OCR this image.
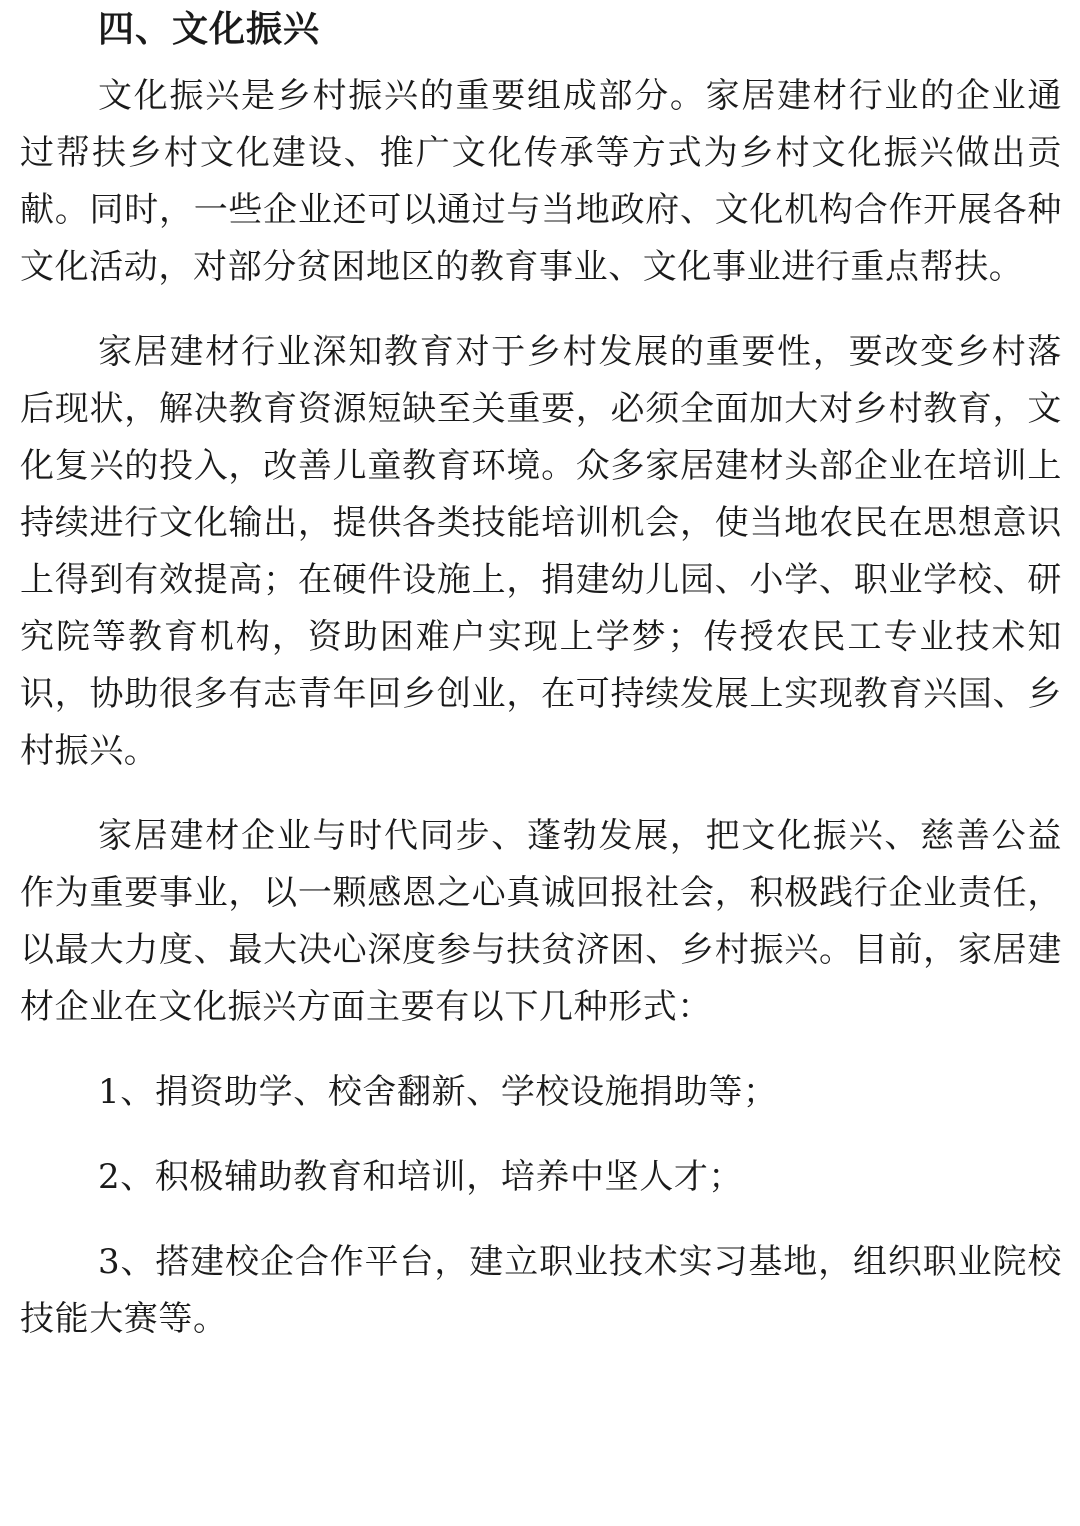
四、文化振兴

文化振兴是乡村振兴的重要组成部分。家居建材行业的企业通过帮扶乡村文化建设、推广文化传承等方式为乡村文化振兴做出贡献。同时，一些企业还可以通过与当地政府、文化机构合作开展各种文化活动，对部分贫困地区的教育事业、文化事业进行重点帮扶。

家居建材行业深知教育对于乡村发展的重要性，要改变乡村落后现状，解决教育资源短缺至关重要，必须全面加大对乡村教育，文化复兴的投入，改善儿童教育环境。众多家居建材头部企业在培训上持续进行文化输出，提供各类技能培训机会，使当地农民在思想意识上得到有效提高；在硬件设施上，捐建幼儿园、小学、职业学校、研究院等教育机构，资助困难户实现上学梦；传授农民工专业技术知识，协助很多有志青年回乡创业，在可持续发展上实现教育兴国、乡村振兴。

家居建材企业与时代同步、蓬勃发展，把文化振兴、慈善公益作为重要事业，以一颗感恩之心真诚回报社会，积极践行企业责任，以最大力度、最大决心深度参与扶贫济困、乡村振兴。目前，家居建材企业在文化振兴方面主要有以下几种形式：

1、捐资助学、校舍翻新、学校设施捐助等；

2、积极辅助教育和培训，培养中坚人才；

3、搭建校企合作平台，建立职业技术实习基地，组织职业院校技能大赛等。
